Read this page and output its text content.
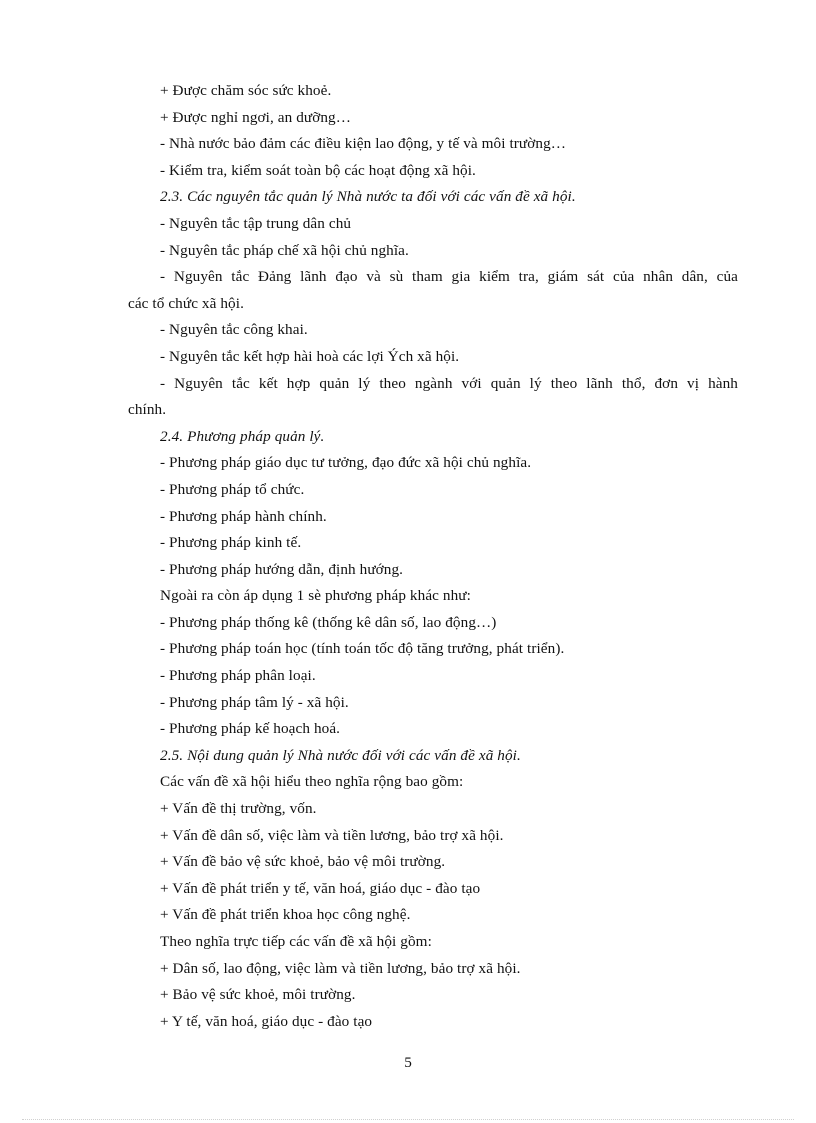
+ Được chăm sóc sức khoẻ.
+ Được nghỉ ngơi, an dưỡng…
- Nhà nước bảo đảm các điều kiện lao động, y tế và môi trường…
- Kiểm tra, kiểm soát toàn bộ các hoạt động xã hội.
2.3. Các nguyên tắc quản lý Nhà nước ta đối với các vấn đề xã hội.
- Nguyên tắc tập trung dân chủ
- Nguyên tắc pháp chế xã hội chủ nghĩa.
- Nguyên tắc Đảng lãnh đạo và sù tham gia kiểm tra, giám sát của nhân dân, của
các tổ chức xã hội.
- Nguyên tắc công khai.
- Nguyên tắc kết hợp hài hoà các lợi Ých xã hội.
- Nguyên tắc kết hợp quản lý theo ngành với quản lý theo lãnh thổ, đơn vị hành
chính.
2.4. Phương pháp quản lý.
- Phương pháp giáo dục tư tưởng, đạo đức xã hội chủ nghĩa.
- Phương pháp tổ chức.
- Phương pháp hành chính.
- Phương pháp kinh tế.
- Phương pháp hướng dẫn, định hướng.
Ngoài ra còn áp dụng 1 sè phương pháp khác như:
- Phương pháp thống kê (thống kê dân số, lao động…)
- Phương pháp toán học (tính toán tốc độ tăng trưởng, phát triển).
- Phương pháp phân loại.
- Phương pháp tâm lý - xã hội.
- Phương pháp kế hoạch hoá.
2.5. Nội dung quản lý Nhà nước đối với các vấn đề xã hội.
Các vấn đề xã hội hiểu theo nghĩa rộng bao gồm:
+ Vấn đề thị trường, vốn.
+ Vấn đề dân số, việc làm và tiền lương, bảo trợ xã hội.
+ Vấn đề bảo vệ sức khoẻ, bảo vệ môi trường.
+ Vấn đề phát triển y tế, văn hoá, giáo dục - đào tạo
+ Vấn đề phát triển khoa học công nghệ.
Theo nghĩa trực tiếp các vấn đề xã hội gồm:
+ Dân số, lao động, việc làm và tiền lương, bảo trợ xã hội.
+ Bảo vệ sức khoẻ, môi trường.
+ Y tế, văn hoá, giáo dục - đào tạo
5
